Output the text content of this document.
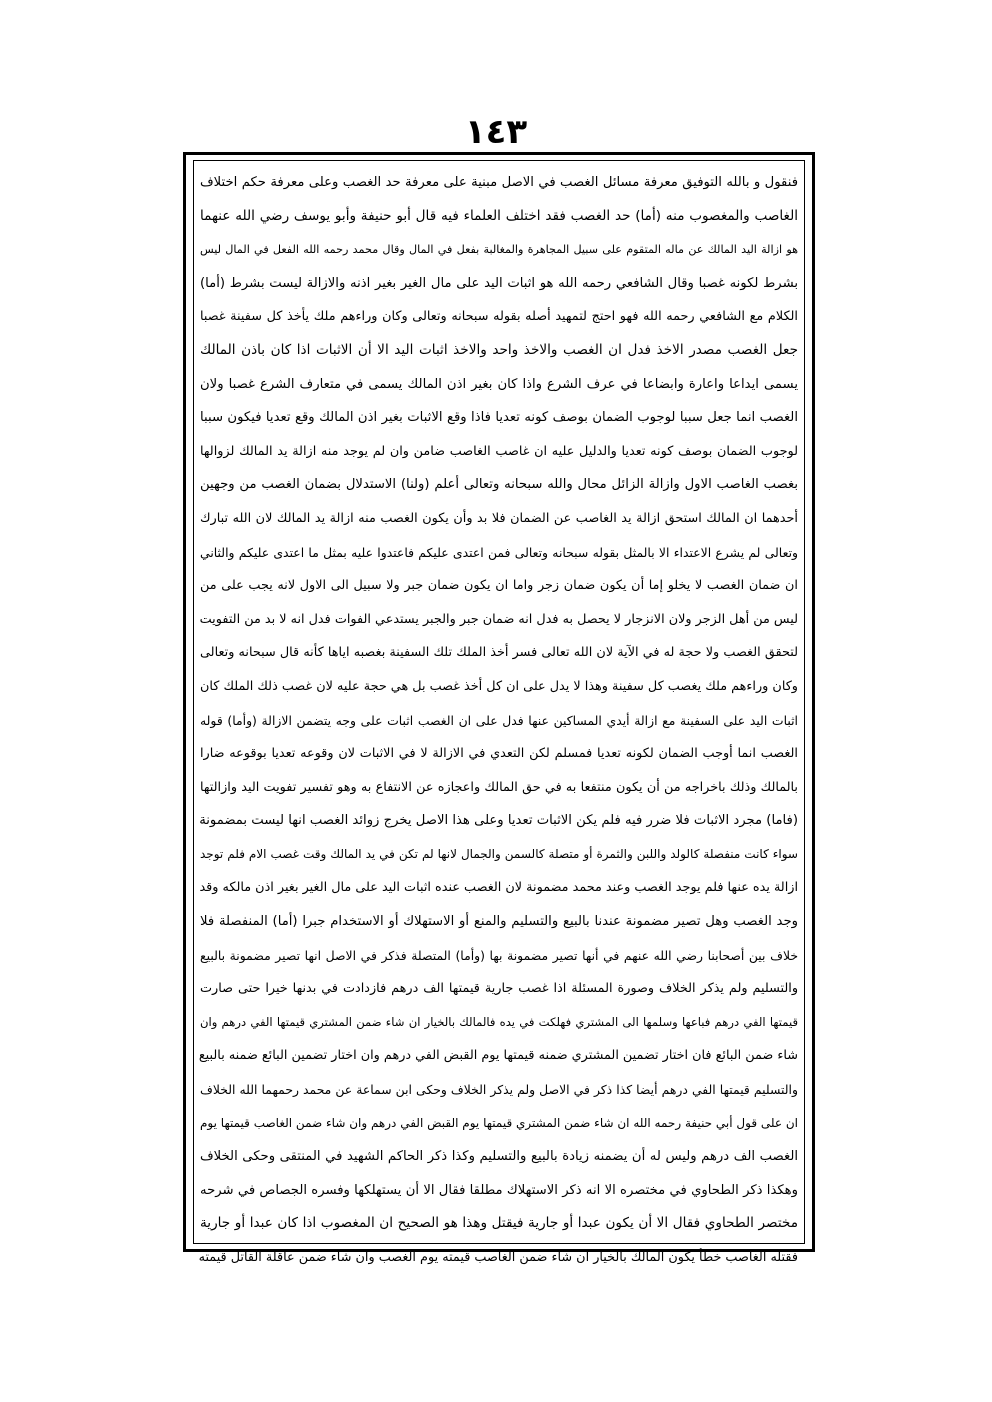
١٤٣
فنقول و بالله التوفيق معرفة مسائل الغصب في الاصل مبنية على معرفة حد الغصب وعلى معرفة حكم اختلاف
الغاصب والمغصوب منه (أما) حد الغصب فقد اختلف العلماء فيه قال أبو حنيفة وأبو يوسف رضي الله عنهما
هو ازالة اليد المالك عن ماله المتقوم على سبيل المجاهرة والمغالبة بفعل في المال وقال محمد رحمه الله الفعل في المال ليس
بشرط لكونه غصبا وقال الشافعي رحمه الله هو اثبات اليد على مال الغير بغير اذنه والازالة ليست بشرط (أما)
الكلام مع الشافعي رحمه الله فهو احتج لتمهيد أصله بقوله سبحانه وتعالى وكان وراءهم ملك يأخذ كل سفينة غصبا
جعل الغصب مصدر الاخذ فدل ان الغصب والاخذ واحد والاخذ اثبات اليد الا أن الاثبات اذا كان باذن المالك
يسمى ايداعا واعارة وابضاعا في عرف الشرع واذا كان بغير اذن المالك يسمى في متعارف الشرع غصبا ولان
الغصب انما جعل سببا لوجوب الضمان بوصف كونه تعديا فاذا وقع الاثبات بغير اذن المالك وقع تعديا فيكون سببا
لوجوب الضمان بوصف كونه تعديا والدليل عليه ان غاصب الغاصب ضامن وان لم يوجد منه ازالة يد المالك لزوالها
بغصب الغاصب الاول وازالة الزائل محال والله سبحانه وتعالى أعلم (ولنا) الاستدلال بضمان الغصب من وجهين
أحدهما ان المالك استحق ازالة يد الغاصب عن الضمان فلا بد وأن يكون الغصب منه ازالة يد المالك لان الله تبارك
وتعالى لم يشرع الاعتداء الا بالمثل بقوله سبحانه وتعالى فمن اعتدى عليكم فاعتدوا عليه بمثل ما اعتدى عليكم والثاني
ان ضمان الغصب لا يخلو إما أن يكون ضمان زجر واما ان يكون ضمان جبر ولا سبيل الى الاول لانه يجب على من
ليس من أهل الزجر ولان الانزجار لا يحصل به فدل انه ضمان جبر والجبر يستدعي الفوات فدل انه لا بد من التفويت
لتحقق الغصب ولا حجة له في الآية لان الله تعالى فسر أخذ الملك تلك السفينة بغصبه اياها كأنه قال سبحانه وتعالى
وكان وراءهم ملك يغصب كل سفينة وهذا لا يدل على ان كل أخذ غصب بل هي حجة عليه لان غصب ذلك الملك كان
اثبات اليد على السفينة مع ازالة أيدي المساكين عنها فدل على ان الغصب اثبات على وجه يتضمن الازالة (وأما) قوله
الغصب انما أوجب الضمان لكونه تعديا فمسلم لكن التعدي في الازالة لا في الاثبات لان وقوعه تعديا بوقوعه ضارا
بالمالك وذلك باخراجه من أن يكون منتفعا به في حق المالك واعجازه عن الانتفاع به وهو تفسير تفويت اليد وازالتها
(فاما) مجرد الاثبات فلا ضرر فيه فلم يكن الاثبات تعديا وعلى هذا الاصل يخرج زوائد الغصب انها ليست بمضمونة
سواء كانت منفصلة كالولد واللبن والثمرة أو متصلة كالسمن والجمال لانها لم تكن في يد المالك وقت غصب الام فلم توجد
ازالة يده عنها فلم يوجد الغصب وعند محمد مضمونة لان الغصب عنده اثبات اليد على مال الغير بغير اذن مالكه وقد
وجد الغصب وهل تصير مضمونة عندنا بالبيع والتسليم والمنع أو الاستهلاك أو الاستخدام جبرا (أما) المنفصلة فلا
خلاف بين أصحابنا رضي الله عنهم في أنها تصير مضمونة بها (وأما) المتصلة فذكر في الاصل انها تصير مضمونة بالبيع
والتسليم ولم يذكر الخلاف وصورة المسئلة اذا غصب جارية قيمتها الف درهم فازدادت في بدنها خيرا حتى صارت
قيمتها الفي درهم فباعها وسلمها الى المشتري فهلكت في يده فالمالك بالخيار ان شاء ضمن المشتري قيمتها الفي درهم وان
شاء ضمن البائع فان اختار تضمين المشتري ضمنه قيمتها يوم القبض الفي درهم وان اختار تضمين البائع ضمنه بالبيع
والتسليم قيمتها الفي درهم أيضا كذا ذكر في الاصل ولم يذكر الخلاف وحكى ابن سماعة عن محمد رحمهما الله الخلاف
ان على قول أبي حنيفة رحمه الله ان شاء ضمن المشتري قيمتها يوم القبض الفي درهم وان شاء ضمن الغاصب قيمتها يوم
الغصب الف درهم وليس له أن يضمنه زيادة بالبيع والتسليم وكذا ذكر الحاكم الشهيد في المنتقى وحكى الخلاف
وهكذا ذكر الطحاوي في مختصره الا انه ذكر الاستهلاك مطلقا فقال الا أن يستهلكها وفسره الجصاص في شرحه
مختصر الطحاوي فقال الا أن يكون عبدا أو جارية فيقتل وهذا هو الصحيح ان المغصوب اذا كان عبدا أو جارية
فقتله الغاصب خطأ يكون المالك بالخيار ان شاء ضمن الغاصب قيمته يوم الغصب وان شاء ضمن عاقلة القاتل قيمته
